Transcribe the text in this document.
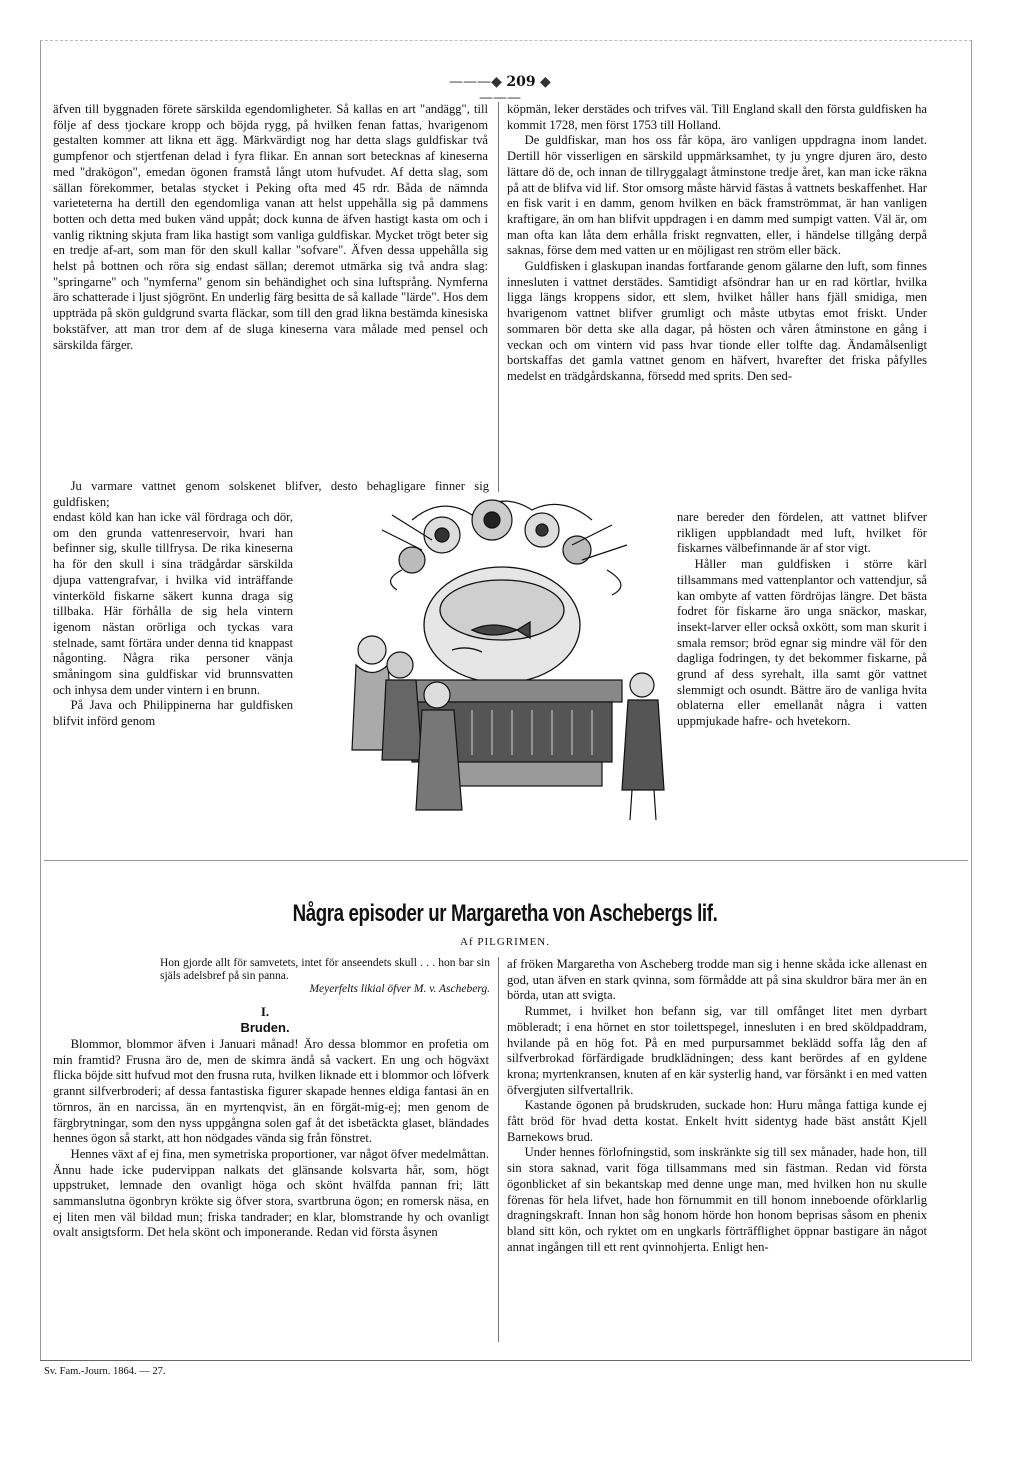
———◆ 209 ◆———

äfven till byggnaden förete särskilda egendomligheter. Så kallas en art "andägg", till följe af dess tjockare kropp och böjda rygg, på hvilken fenan fattas, hvarigenom gestalten kommer att likna ett ägg. Märkvärdigt nog har detta slags guldfiskar två gumpfenor och stjertfenan delad i fyra flikar. En annan sort betecknas af kineserna med "drakögon", emedan ögonen framstå långt utom hufvudet. Af detta slag, som sällan förekommer, betalas stycket i Peking ofta med 45 rdr. Båda de nämnda varieteterna ha dertill den egendomliga vanan att helst uppehålla sig på dammens botten och detta med buken vänd uppåt; dock kunna de äfven hastigt kasta om och i vanlig riktning skjuta fram lika hastigt som vanliga guldfiskar. Mycket trögt beter sig en tredje af-art, som man för den skull kallar "sofvare". Äfven dessa uppehålla sig helst på bottnen och röra sig endast sällan; deremot utmärka sig två andra slag: "springarne" och "nymferna" genom sin behändighet och sina luftsprång. Nymferna äro schatterade i ljust sjögrönt. En underlig färg besitta de så kallade "lärde". Hos dem uppträda på skön guldgrund svarta fläckar, som till den grad likna bestämda kinesiska bokstäfver, att man tror dem af de sluga kineserna vara målade med pensel och särskilda färger.

Ju varmare vattnet genom solskenet blifver, desto behagligare finner sig guldfisken;

endast köld kan han icke väl fördraga och dör, om den grunda vattenreservoir, hvari han befinner sig, skulle tillfrysa. De rika kineserna ha för den skull i sina trädgårdar särskilda djupa vattengrafvar, i hvilka vid inträffande vinterköld fiskarne säkert kunna draga sig tillbaka. Här förhålla de sig hela vintern igenom nästan orörliga och tyckas vara stelnade, samt förtära under denna tid knappast någonting. Några rika personer vänja småningom sina guldfiskar vid brunnsvatten och inhysa dem under vintern i en brunn.

På Java och Philippinerna har guldfisken blifvit införd genom

köpmän, leker derstädes och trifves väl. Till England skall den första guldfisken ha kommit 1728, men först 1753 till Holland.

De guldfiskar, man hos oss får köpa, äro vanligen uppdragna inom landet. Dertill hör visserligen en särskild uppmärksamhet, ty ju yngre djuren äro, desto lättare dö de, och innan de tillryggalagt åtminstone tredje året, kan man icke räkna på att de blifva vid lif. Stor omsorg måste härvid fästas å vattnets beskaffenhet. Har en fisk varit i en damm, genom hvilken en bäck framströmmat, är han vanligen kraftigare, än om han blifvit uppdragen i en damm med sumpigt vatten. Väl är, om man ofta kan låta dem erhålla friskt regnvatten, eller, i händelse tillgång derpå saknas, förse dem med vatten ur en möjligast ren ström eller bäck.

Guldfisken i glaskupan inandas fortfarande genom gälarne den luft, som finnes innesluten i vattnet derstädes. Samtidigt afsöndrar han ur en rad körtlar, hvilka ligga längs kroppens sidor, ett slem, hvilket håller hans fjäll smidiga, men hvarigenom vattnet blifver grumligt och måste utbytas emot friskt. Under sommaren bör detta ske alla dagar, på hösten och våren åtminstone en gång i veckan och om vintern vid pass hvar tionde eller tolfte dag. Ändamålsenligt bortskaffas det gamla vattnet genom en häfvert, hvarefter det friska påfylles medelst en trädgårdskanna, försedd med sprits. Den sed-

nare bereder den fördelen, att vattnet blifver rikligen uppblandadt med luft, hvilket för fiskarnes välbefinnande är af stor vigt.

Håller man guldfisken i större kärl tillsammans med vattenplantor och vattendjur, så kan ombyte af vatten fördröjas längre. Det bästa fodret för fiskarne äro unga snäckor, maskar, insekt-larver eller också oxkött, som man skurit i smala remsor; bröd egnar sig mindre väl för den dagliga fodringen, ty det bekommer fiskarne, på grund af dess syrehalt, illa samt gör vattnet slemmigt och osundt. Bättre äro de vanliga hvita oblaterna eller emellanåt några i vatten uppmjukade hafre- och hvetekorn.

Några episoder ur Margaretha von Aschebergs lif.
Af PILGRIMEN.
Hon gjorde allt för samvetets, intet för anseendets skull . . . hon bar sin själs adelsbref på sin panna.
Meyerfelts likial öfver M. v. Ascheberg.
I.
Bruden.

Blommor, blommor äfven i Januari månad! Äro dessa blommor en profetia om min framtid? Frusna äro de, men de skimra ändå så vackert. En ung och högväxt flicka böjde sitt hufvud mot den frusna ruta, hvilken liknade ett i blommor och löfverk grannt silfverbroderi; af dessa fantastiska figurer skapade hennes eldiga fantasi än en törnros, än en narcissa, än en myrtenqvist, än en förgät-mig-ej; men genom de färgbrytningar, som den nyss uppgångna solen gaf åt det isbetäckta glaset, bländades hennes ögon så starkt, att hon nödgades vända sig från fönstret.

Hennes växt af ej fina, men symetriska proportioner, var något öfver medelmåttan. Ännu hade icke pudervippan nalkats det glänsande kolsvarta hår, som, högt uppstruket, lemnade den ovanligt höga och skönt hvälfda pannan fri; lätt sammanslutna ögonbryn krökte sig öfver stora, svartbruna ögon; en romersk näsa, en ej liten men väl bildad mun; friska tandrader; en klar, blomstrande hy och ovanligt ovalt ansigtsform. Det hela skönt och imponerande. Redan vid första åsynen

af fröken Margaretha von Ascheberg trodde man sig i henne skåda icke allenast en god, utan äfven en stark qvinna, som förmådde att på sina skuldror bära mer än en börda, utan att svigta.

Rummet, i hvilket hon befann sig, var till omfånget litet men dyrbart möbleradt; i ena hörnet en stor toilettspegel, innesluten i en bred sköldpaddram, hvilande på en hög fot. På en med purpursammet beklädd soffa låg den af silfverbrokad förfärdigade brudklädningen; dess kant berördes af en gyldene krona; myrtenkransen, knuten af en kär systerlig hand, var försänkt i en med vatten öfvergjuten silfvertallrik.

Kastande ögonen på brudskruden, suckade hon: Huru många fattiga kunde ej fått bröd för hvad detta kostat. Enkelt hvitt sidentyg hade bäst anstått Kjell Barnekows brud.

Under hennes förlofningstid, som inskränkte sig till sex månader, hade hon, till sin stora saknad, varit föga tillsammans med sin fästman. Redan vid första ögonblicket af sin bekantskap med denne unge man, med hvilken hon nu skulle förenas för hela lifvet, hade hon förnummit en till honom inneboende oförklarlig dragningskraft. Innan hon såg honom hörde hon honom beprisas såsom en phenix bland sitt kön, och ryktet om en ungkarls förträfflighet öppnar bastigare än något annat ingången till ett rent qvinnohjerta. Enligt hen-

Sv. Fam.-Journ. 1864. — 27.
